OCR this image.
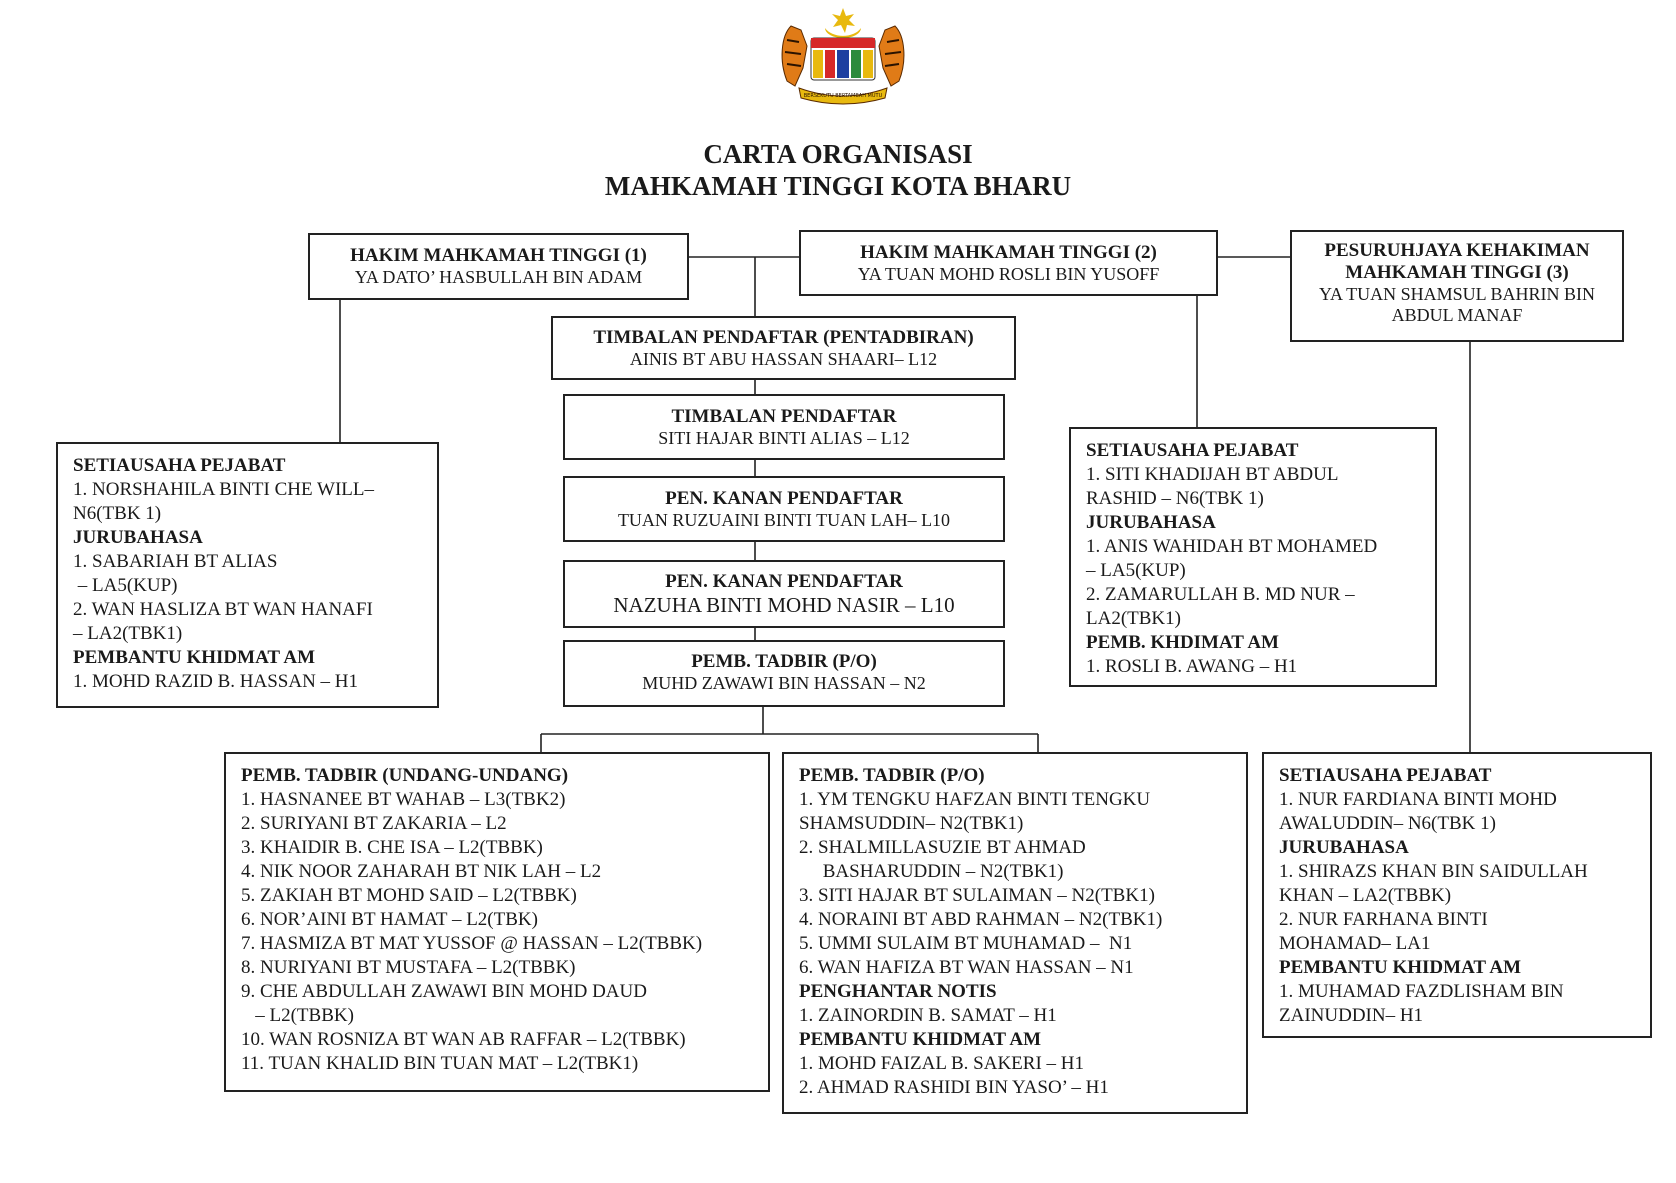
BERSEKUTU BERTAMBAH MUTU
CARTA ORGANISASI
MAHKAMAH TINGGI KOTA BHARU
HAKIM MAHKAMAH TINGGI (1)
YA DATO’ HASBULLAH BIN ADAM
HAKIM MAHKAMAH TINGGI (2)
YA TUAN MOHD ROSLI BIN YUSOFF
PESURUHJAYA KEHAKIMAN
MAHKAMAH TINGGI (3)
YA TUAN SHAMSUL BAHRIN BIN
ABDUL MANAF
TIMBALAN PENDAFTAR (PENTADBIRAN)
AINIS BT ABU HASSAN SHAARI– L12
TIMBALAN PENDAFTAR
SITI HAJAR BINTI ALIAS – L12
PEN. KANAN PENDAFTAR
TUAN RUZUAINI BINTI TUAN LAH– L10
PEN. KANAN PENDAFTAR
NAZUHA BINTI MOHD NASIR – L10
PEMB. TADBIR (P/O)
MUHD ZAWAWI BIN HASSAN – N2
SETIAUSAHA PEJABAT
1. NORSHAHILA BINTI CHE WILL–
N6(TBK 1)
JURUBAHASA
1. SABARIAH BT ALIAS
– LA5(KUP)
2. WAN HASLIZA BT WAN HANAFI
– LA2(TBK1)
PEMBANTU KHIDMAT AM
1. MOHD RAZID B. HASSAN – H1
SETIAUSAHA PEJABAT
1. SITI KHADIJAH BT ABDUL
RASHID – N6(TBK 1)
JURUBAHASA
1. ANIS WAHIDAH BT MOHAMED
– LA5(KUP)
2. ZAMARULLAH B. MD NUR –
LA2(TBK1)
PEMB. KHDIMAT AM
1. ROSLI B. AWANG – H1
SETIAUSAHA PEJABAT
1. NUR FARDIANA BINTI MOHD
AWALUDDIN– N6(TBK 1)
JURUBAHASA
1. SHIRAZS KHAN BIN SAIDULLAH
KHAN – LA2(TBBK)
2. NUR FARHANA BINTI
MOHAMAD– LA1
PEMBANTU KHIDMAT AM
1. MUHAMAD FAZDLISHAM BIN
ZAINUDDIN– H1
PEMB. TADBIR (UNDANG-UNDANG)
1. HASNANEE BT WAHAB – L3(TBK2)
2. SURIYANI BT ZAKARIA – L2
3. KHAIDIR B. CHE ISA – L2(TBBK)
4. NIK NOOR ZAHARAH BT NIK LAH – L2
5. ZAKIAH BT MOHD SAID – L2(TBBK)
6. NOR’AINI BT HAMAT – L2(TBK)
7. HASMIZA BT MAT YUSSOF @ HASSAN – L2(TBBK)
8. NURIYANI BT MUSTAFA – L2(TBBK)
9. CHE ABDULLAH ZAWAWI BIN MOHD DAUD
– L2(TBBK)
10. WAN ROSNIZA BT WAN AB RAFFAR – L2(TBBK)
11. TUAN KHALID BIN TUAN MAT – L2(TBK1)
PEMB. TADBIR (P/O)
1. YM TENGKU HAFZAN BINTI TENGKU
SHAMSUDDIN– N2(TBK1)
2. SHALMILLASUZIE BT AHMAD
BASHARUDDIN – N2(TBK1)
3. SITI HAJAR BT SULAIMAN – N2(TBK1)
4. NORAINI BT ABD RAHMAN – N2(TBK1)
5. UMMI SULAIM BT MUHAMAD –  N1
6. WAN HAFIZA BT WAN HASSAN – N1
PENGHANTAR NOTIS
1. ZAINORDIN B. SAMAT – H1
PEMBANTU KHIDMAT AM
1. MOHD FAIZAL B. SAKERI – H1
2. AHMAD RASHIDI BIN YASO’ – H1
